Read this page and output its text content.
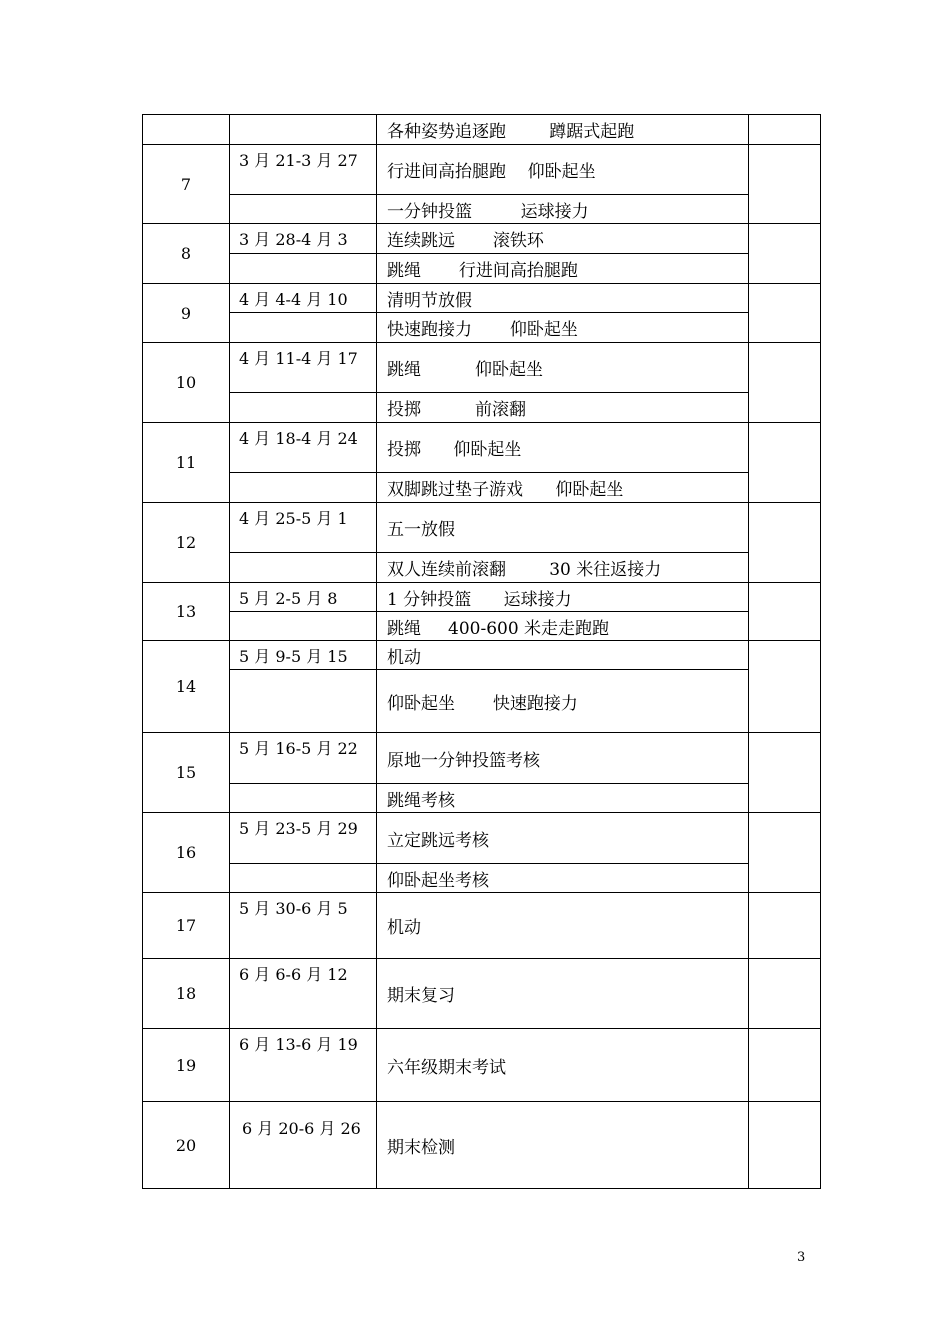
		各种姿势追逐跑        蹲踞式起跑	
7	3 月 21-3 月 27	行进间高抬腿跑    仰卧起坐	
		一分钟投篮         运球接力	
8	3 月 28-4 月 3	连续跳远       滚铁环	
		跳绳       行进间高抬腿跑	
9	4 月 4-4 月 10	清明节放假	
		快速跑接力       仰卧起坐	
10	4 月 11-4 月 17	跳绳          仰卧起坐	
		投掷          前滚翻	
11	4 月 18-4 月 24	投掷      仰卧起坐	
		双脚跳过垫子游戏      仰卧起坐	
12	4 月 25-5 月 1	五一放假	
		双人连续前滚翻        30 米往返接力	
13	5 月 2-5 月 8	1 分钟投篮      运球接力	
		跳绳     400-600 米走走跑跑	
14	5 月 9-5 月 15	机动	
		仰卧起坐       快速跑接力	
15	5 月 16-5 月 22	原地一分钟投篮考核	
		跳绳考核	
16	5 月 23-5 月 29	立定跳远考核	
		仰卧起坐考核	
17	5 月 30-6 月 5	机动	
18	6 月 6-6 月 12	期末复习	
19	6 月 13-6 月 19	六年级期末考试	
20	6 月 20-6 月 26	期末检测	
3
